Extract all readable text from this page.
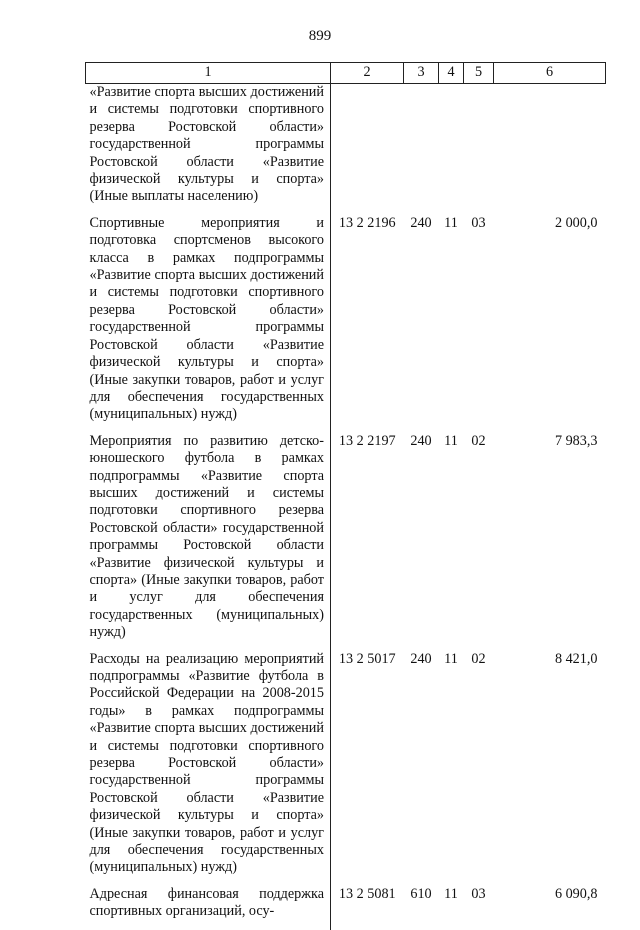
899
1	2	3	4	5	6
«Развитие спорта высших достижений и системы подготовки спортивного резерва Ростовской области» государственной программы Ростовской области «Развитие физической культуры и спорта» (Иные выплаты населению)					
Спортивные мероприятия и подготовка спортсменов высокого класса в рамках подпрограммы «Развитие спорта высших достижений и системы подготовки спортивного резерва Ростовской области» государственной программы Ростовской области «Развитие физической культуры и спорта» (Иные закупки товаров, работ и услуг для обеспечения государственных (муниципальных) нужд)	13 2 2196	240	11	03	2 000,0
Мероприятия по развитию детско-юношеского футбола в рамках подпрограммы «Развитие спорта высших достижений и системы подготовки спортивного резерва Ростовской области» государственной программы Ростовской области «Развитие физической культуры и спорта» (Иные закупки товаров, работ и услуг для обеспечения государственных (муниципальных) нужд)	13 2 2197	240	11	02	7 983,3
Расходы на реализацию мероприятий подпрограммы «Развитие футбола в Российской Федерации на 2008-2015 годы» в рамках подпрограммы «Развитие спорта высших достижений и системы подготовки спортивного резерва Ростовской области» государственной программы Ростовской области «Развитие физической культуры и спорта» (Иные закупки товаров, работ и услуг для обеспечения государственных (муниципальных) нужд)	13 2 5017	240	11	02	8 421,0
Адресная финансовая поддержка спортивных организаций, осу-	13 2 5081	610	11	03	6 090,8
